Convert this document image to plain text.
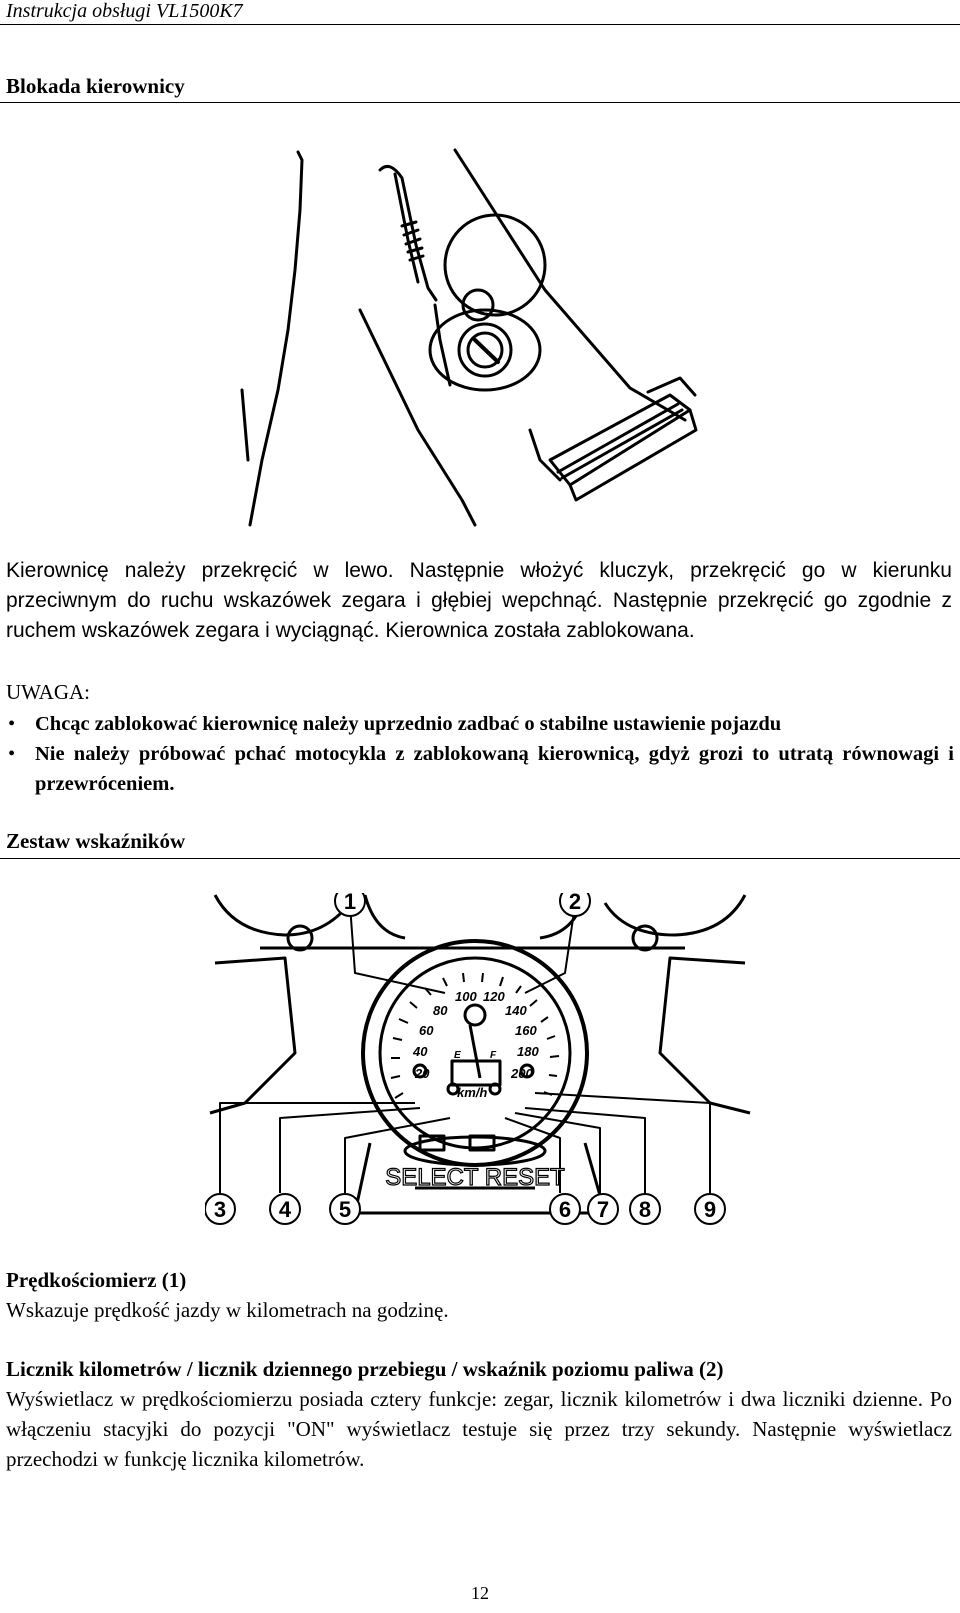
Instrukcja obsługi VL1500K7
Blokada kierownicy
Kierownicę należy przekręcić w lewo. Następnie włożyć kluczyk, przekręcić go w kierunku przeciwnym do ruchu wskazówek zegara i głębiej wepchnąć. Następnie przekręcić go zgodnie z ruchem wskazówek zegara i wyciągnąć. Kierownica została zablokowana.
UWAGA:
• Chcąc zablokować kierownicę należy uprzednio zadbać o stabilne ustawienie pojazdu
• Nie należy próbować pchać motocykla z zablokowaną kierownicą, gdyż grozi to utratą równowagi i przewróceniem.
Zestaw wskaźników
20
40
60
80
100 120
140
160
180
200
km/h
E	F
SELECT RESET
1	2
3 4 5	6 7 8 9
Prędkościomierz (1)
Wskazuje prędkość jazdy w kilometrach na godzinę.
Licznik kilometrów / licznik dziennego przebiegu / wskaźnik poziomu paliwa (2)
Wyświetlacz w prędkościomierzu posiada cztery funkcje: zegar, licznik kilometrów i dwa liczniki dzienne. Po włączeniu stacyjki do pozycji "ON" wyświetlacz testuje się przez trzy sekundy. Następnie wyświetlacz przechodzi w funkcję licznika kilometrów.
12
